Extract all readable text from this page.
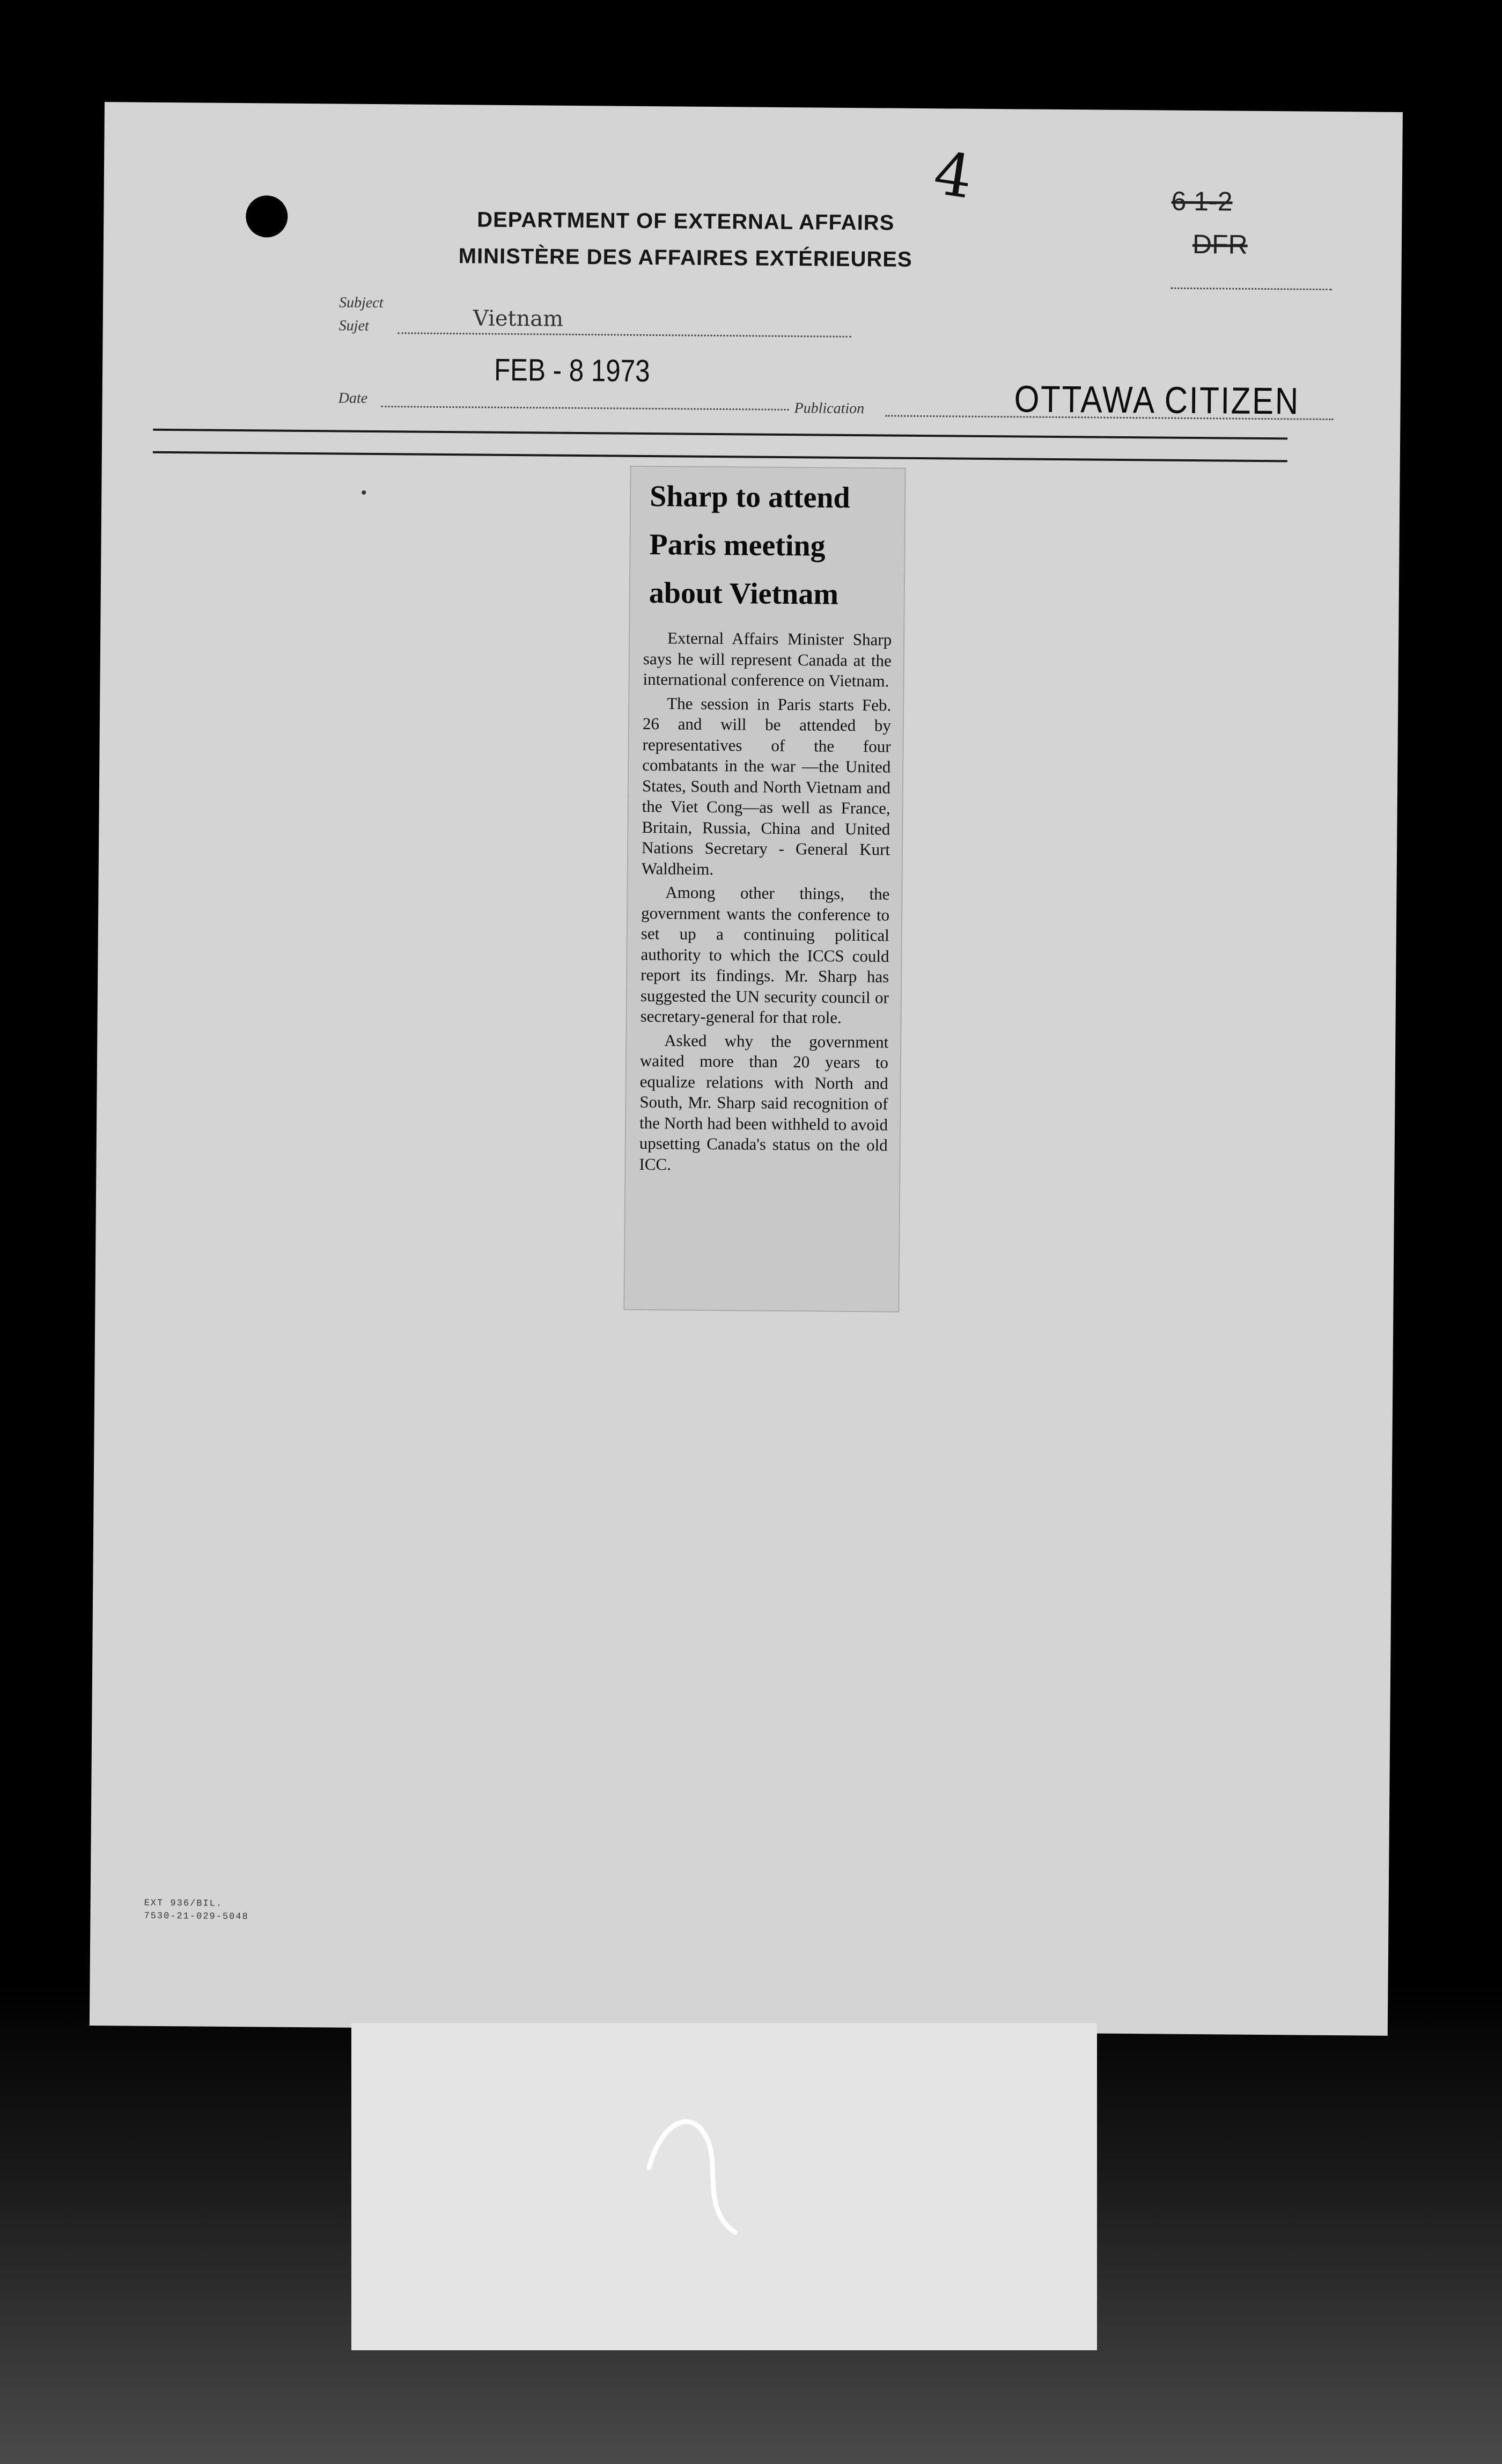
4
DEPARTMENT OF EXTERNAL AFFAIRS
MINISTÈRE DES AFFAIRES EXTÉRIEURES
6 1-2
DFR
Subject
Sujet	Vietnam
FEB - 8 1973
Date
Publication	OTTAWA CITIZEN
Sharp to attend
Paris meeting
about Vietnam

External Affairs Minister Sharp says he will represent Canada at the international conference on Vietnam.

The session in Paris starts Feb. 26 and will be attended by representatives of the four combatants in the war —the United States, South and North Vietnam and the Viet Cong—as well as France, Britain, Russia, China and United Nations Secretary - General Kurt Waldheim.

Among other things, the government wants the conference to set up a continuing political authority to which the ICCS could report its findings. Mr. Sharp has suggested the UN security council or secretary-general for that role.

Asked why the government waited more than 20 years to equalize relations with North and South, Mr. Sharp said recognition of the North had been withheld to avoid upsetting Canada's status on the old ICC.

EXT 936/BIL.
7530-21-029-5048
